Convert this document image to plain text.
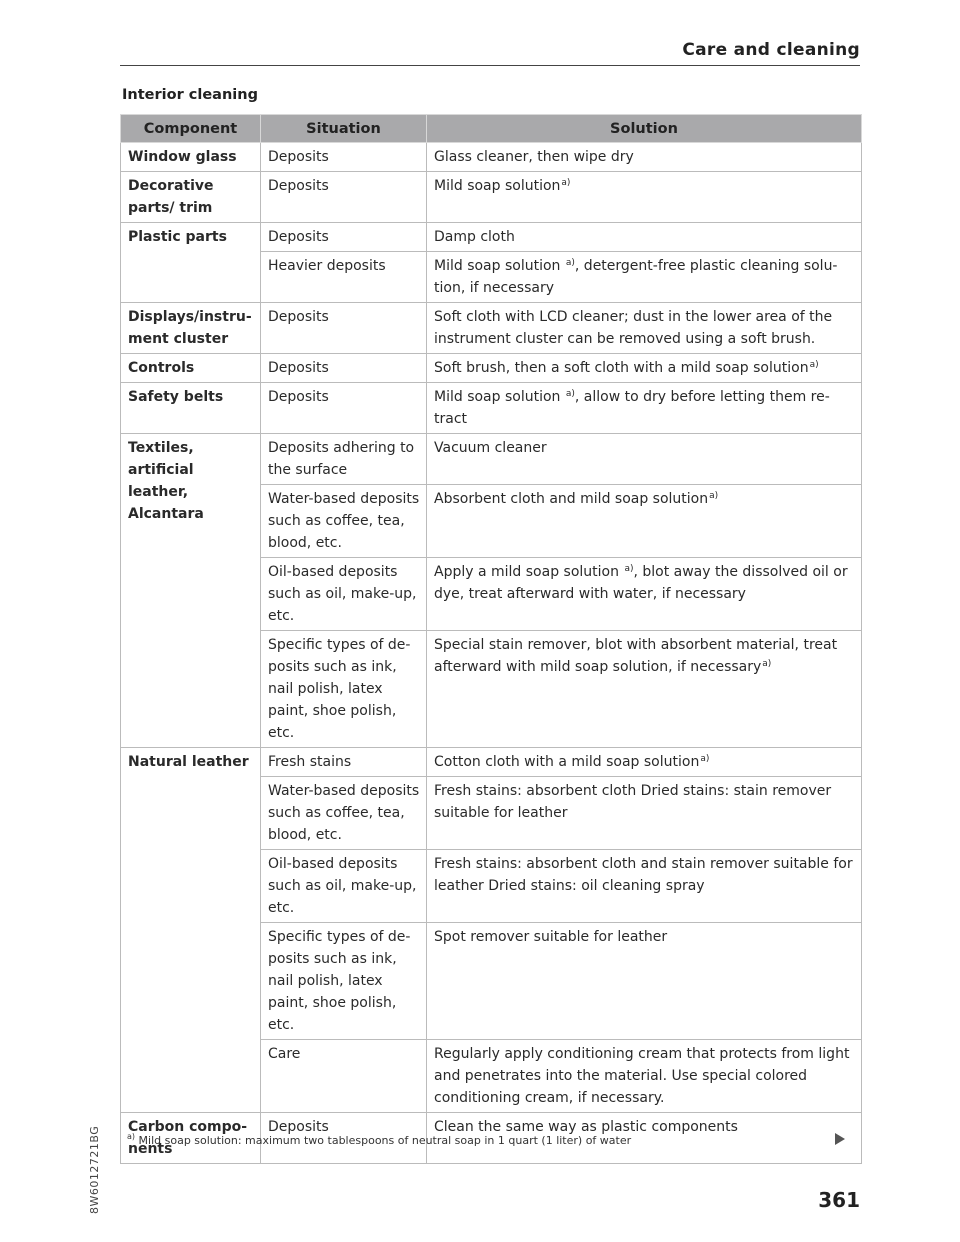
Care and cleaning
Interior cleaning
Component	Situation	Solution
Window glass	Deposits	Glass cleaner, then wipe dry
Decorative parts/ trim	Deposits	Mild soap solution$^{a)}$
Plastic parts	Deposits	Damp cloth
	Heavier deposits	Mild soap solution $^{a)}$, detergent-free plastic cleaning solu- tion, if necessary
Displays/instru- ment cluster	Deposits	Soft cloth with LCD cleaner; dust in the lower area of the instrument cluster can be removed using a soft brush.
Controls	Deposits	Soft brush, then a soft cloth with a mild soap solution$^{a)}$
Safety belts	Deposits	Mild soap solution $^{a)}$, allow to dry before letting them re- tract
Textiles, artificial leather, Alcantara	Deposits adhering to the surface	Vacuum cleaner
	Water-based deposits such as coffee, tea, blood, etc.	Absorbent cloth and mild soap solution$^{a)}$
	Oil-based deposits such as oil, make-up, etc.	Apply a mild soap solution $^{a)}$, blot away the dissolved oil or dye, treat afterward with water, if necessary
	Specific types of de- posits such as ink, nail polish, latex paint, shoe polish, etc.	Special stain remover, blot with absorbent material, treat afterward with mild soap solution, if necessary$^{a)}$
Natural leather	Fresh stains	Cotton cloth with a mild soap solution$^{a)}$
	Water-based deposits such as coffee, tea, blood, etc.	Fresh stains: absorbent cloth Dried stains: stain remover suitable for leather
	Oil-based deposits such as oil, make-up, etc.	Fresh stains: absorbent cloth and stain remover suitable for leather Dried stains: oil cleaning spray
	Specific types of de- posits such as ink, nail polish, latex paint, shoe polish, etc.	Spot remover suitable for leather
	Care	Regularly apply conditioning cream that protects from light and penetrates into the material. Use special colored conditioning cream, if necessary.
Carbon compo- nents	Deposits	Clean the same way as plastic components
$^{a)}$ Mild soap solution: maximum two tablespoons of neutral soap in 1 quart (1 liter) of water
8W6012721BG	361
